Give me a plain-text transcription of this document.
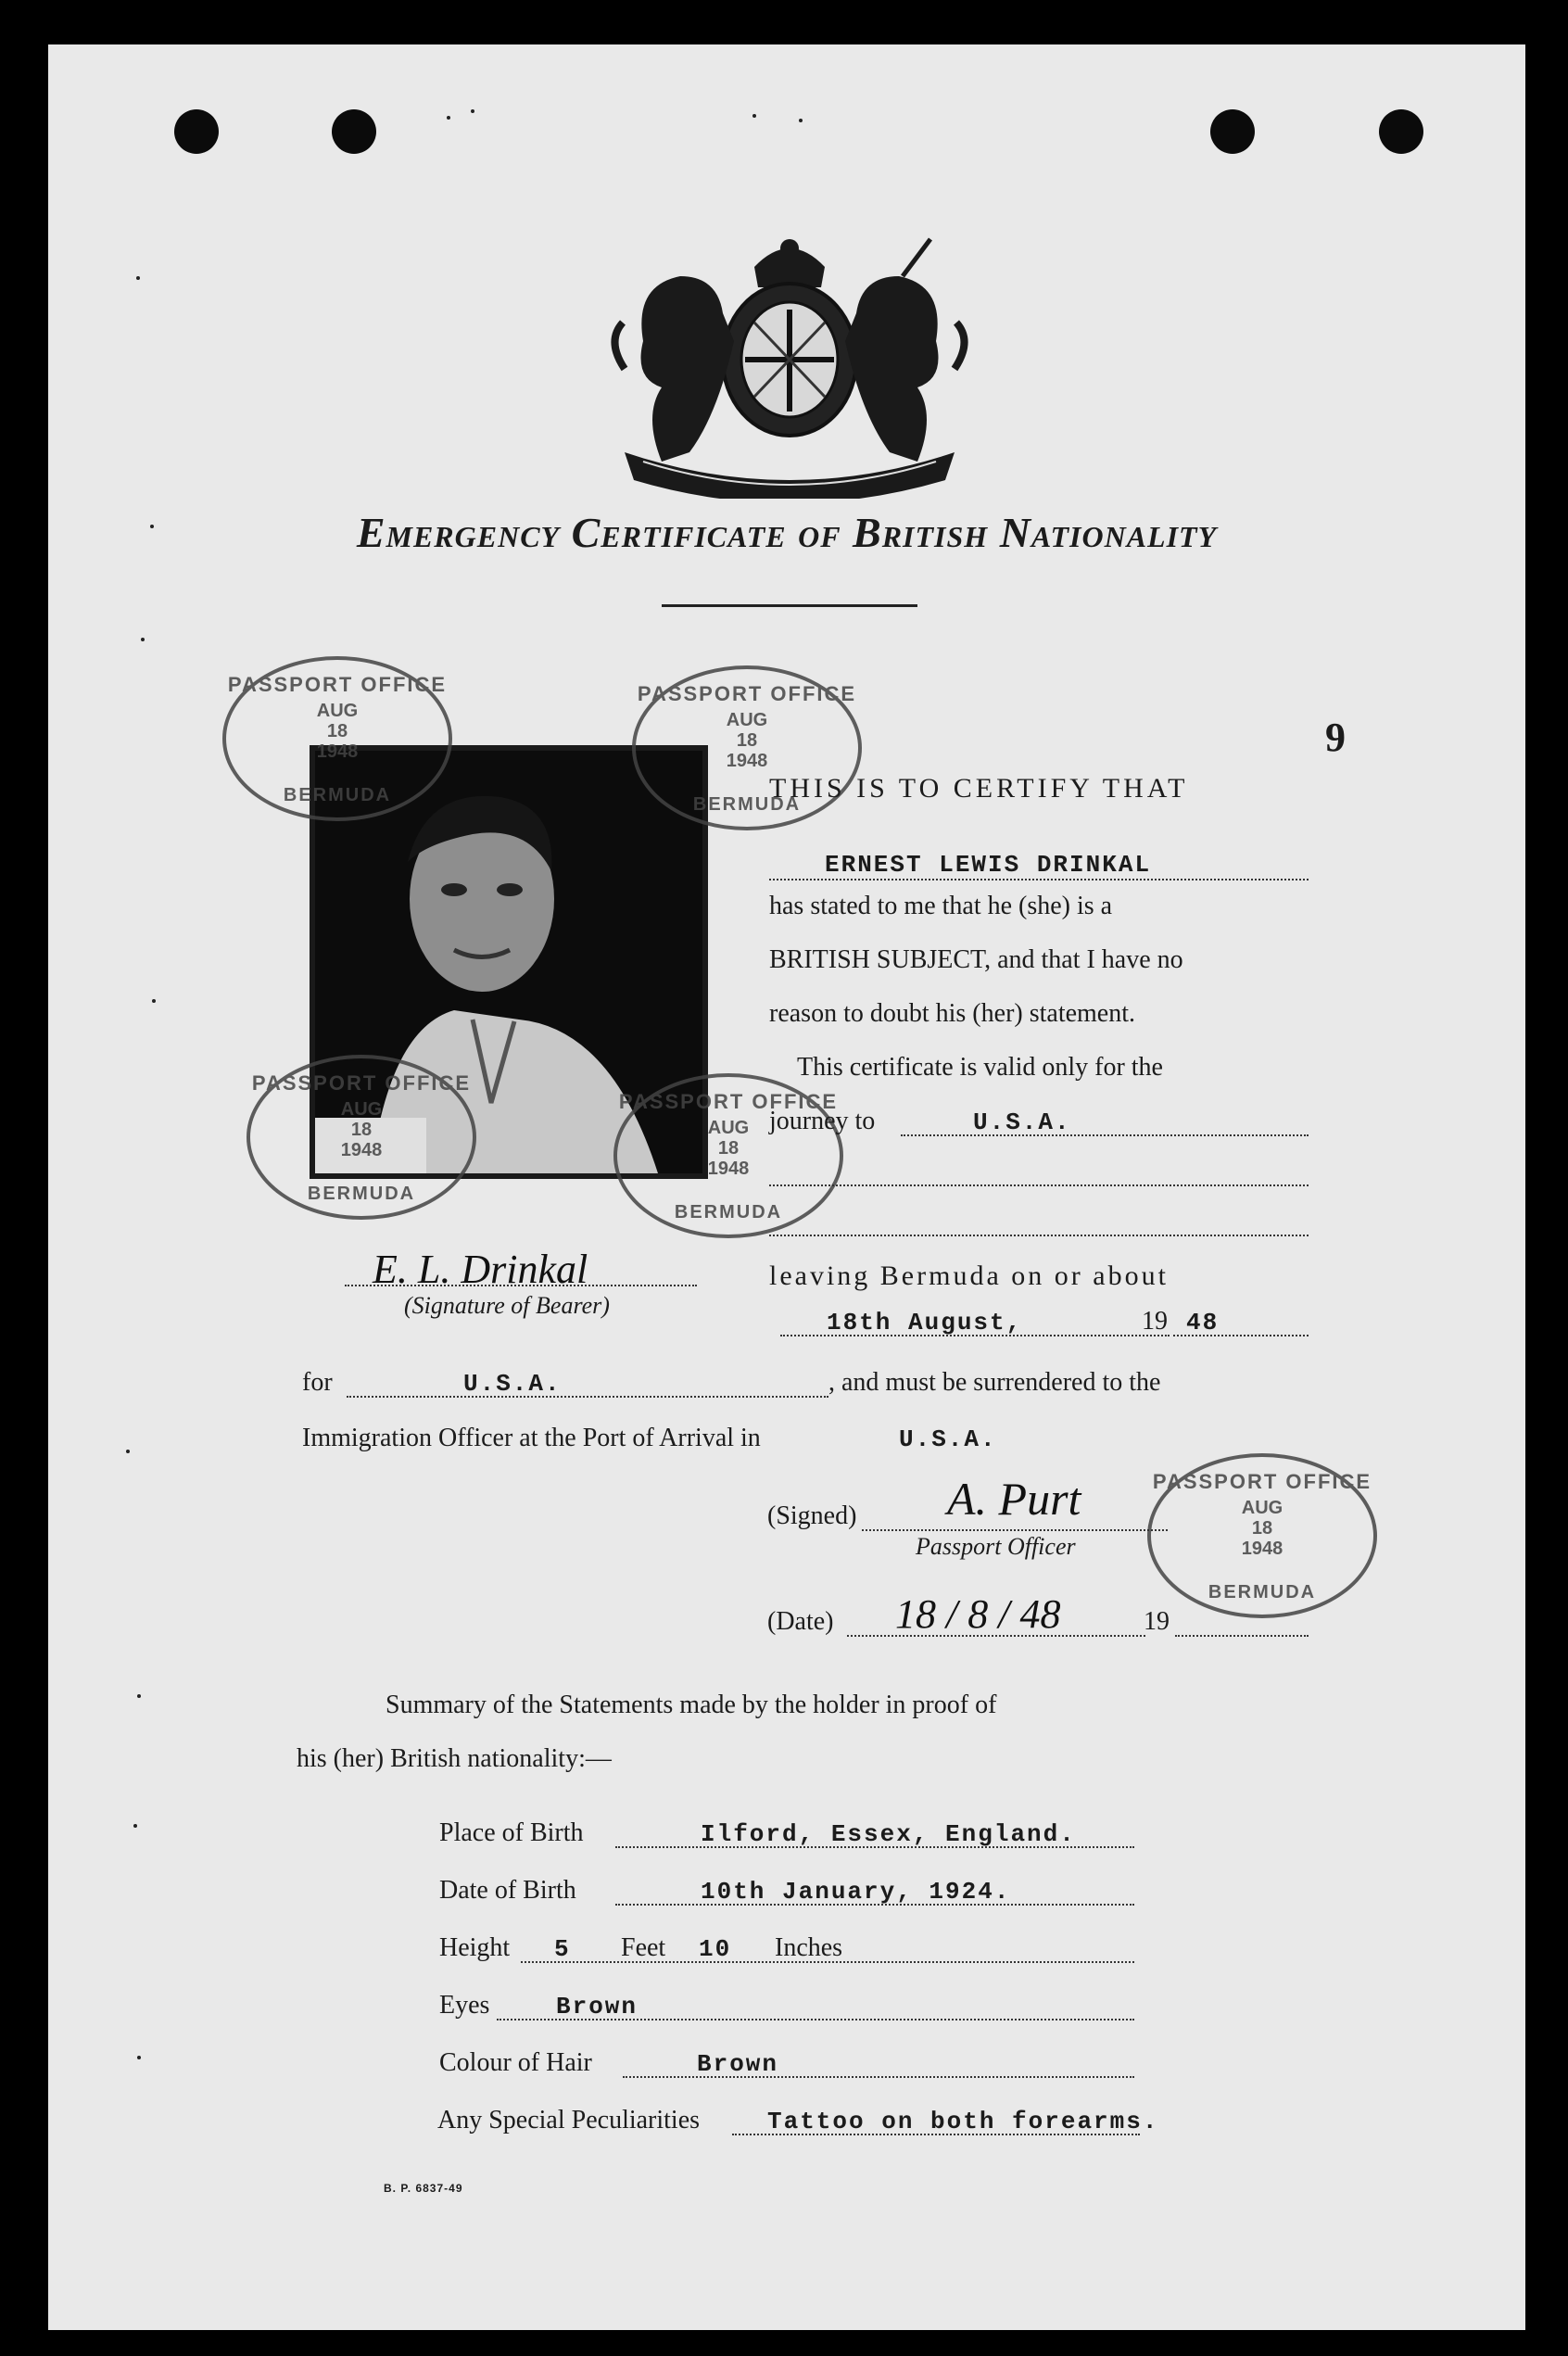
Emergency Certificate of British Nationality
9
PASSPORT OFFICE
AUG
18
1948
BERMUDA
PASSPORT OFFICE
AUG
18
1948
BERMUDA
PASSPORT OFFICE
AUG
18
1948
BERMUDA
PASSPORT OFFICE
AUG
18
1948
BERMUDA
PASSPORT OFFICE
AUG
18
1948
BERMUDA
THIS IS TO CERTIFY THAT
ERNEST LEWIS DRINKAL
has stated to me that he (she) is a
BRITISH SUBJECT, and that I have no
reason to doubt his (her) statement.
This certificate is valid only for the
journey to	U.S.A.
E. L. Drinkal
(Signature of Bearer)
leaving Bermuda on or about
18th August,	19 48
for	U.S.A.	, and must be surrendered to the
Immigration Officer at the Port of Arrival in	U.S.A.
(Signed) A. Purt
Passport Officer
(Date) 18 / 8 / 48	19
Summary of the Statements made by the holder in proof of
his (her) British nationality:—
Place of Birth	Ilford, Essex, England.
Date of Birth	10th January, 1924.
Height 5 Feet 10 Inches
Eyes	Brown
Colour of Hair	Brown
Any Special Peculiarities	Tattoo on both forearms.
B. P. 6837-49
